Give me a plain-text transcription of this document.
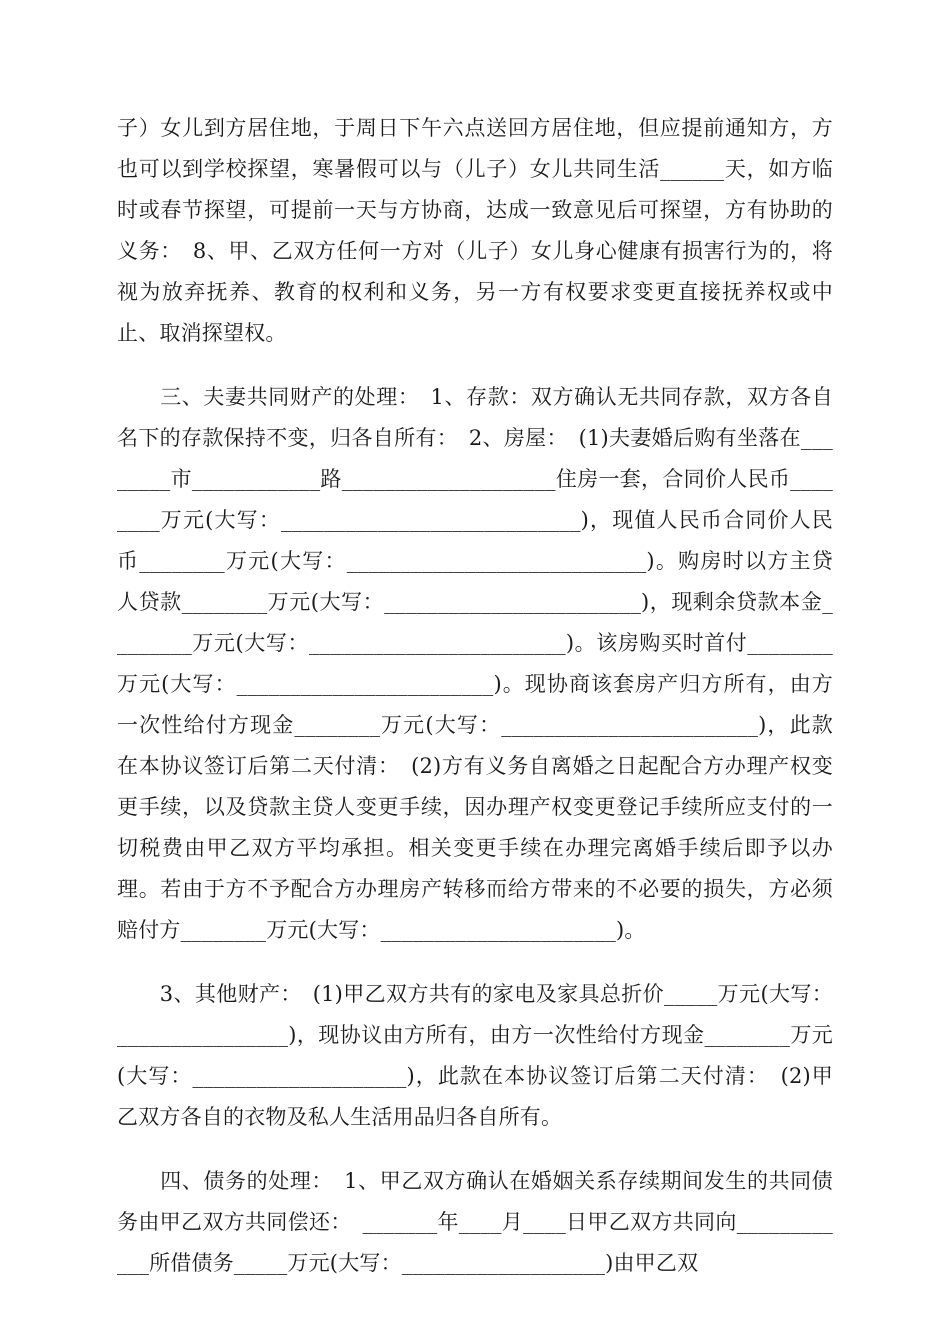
子）女儿到方居住地，于周日下午六点送回方居住地，但应提前通知方，方也可以到学校探望，寒暑假可以与（儿子）女儿共同生活______天，如方临时或春节探望，可提前一天与方协商，达成一致意见后可探望，方有协助的义务：　8、甲、乙双方任何一方对（儿子）女儿身心健康有损害行为的，将视为放弃抚养、教育的权利和义务，另一方有权要求变更直接抚养权或中止、取消探望权。

　　三、夫妻共同财产的处理：　1、存款：双方确认无共同存款，双方各自名下的存款保持不变，归各自所有：　2、房屋：　(1)夫妻婚后购有坐落在________市____________路____________________住房一套，合同价人民币________万元(大写：____________________________)，现值人民币合同价人民币________万元(大写：____________________________)。购房时以方主贷人贷款________万元(大写：________________________)，现剩余贷款本金________万元(大写：________________________)。该房购买时首付________万元(大写：________________________)。现协商该套房产归方所有，由方一次性给付方现金________万元(大写：________________________)，此款在本协议签订后第二天付清：　(2)方有义务自离婚之日起配合方办理产权变更手续，以及贷款主贷人变更手续，因办理产权变更登记手续所应支付的一切税费由甲乙双方平均承担。相关变更手续在办理完离婚手续后即予以办理。若由于方不予配合方办理房产转移而给方带来的不必要的损失，方必须赔付方________万元(大写：______________________)。

　　3、其他财产：　(1)甲乙双方共有的家电及家具总折价_____万元(大写：________________)，现协议由方所有，由方一次性给付方现金________万元(大写：____________________)，此款在本协议签订后第二天付清：　(2)甲乙双方各自的衣物及私人生活用品归各自所有。

　　四、债务的处理：　1、甲乙双方确认在婚姻关系存续期间发生的共同债务由甲乙双方共同偿还：　_______年____月____日甲乙双方共同向____________所借债务_____万元(大写：___________________)由甲乙双
